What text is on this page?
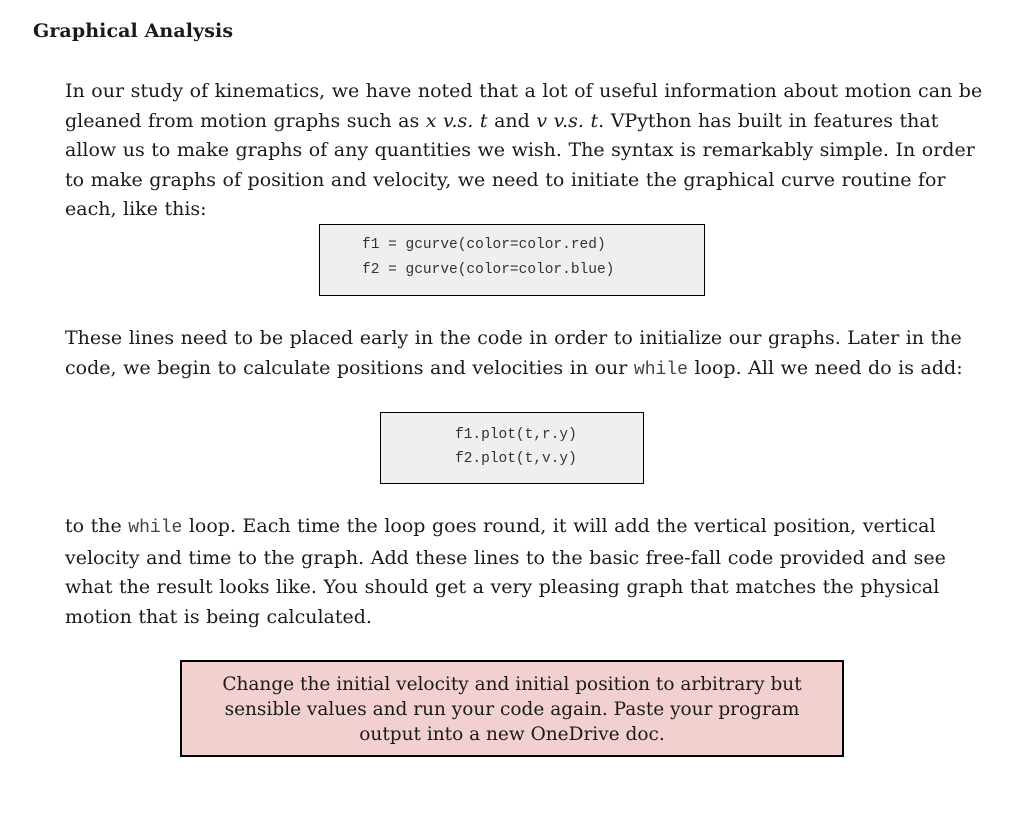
Graphical Analysis
In our study of kinematics, we have noted that a lot of useful information about motion can be gleaned from motion graphs such as x v.s. t and v v.s. t. VPython has built in features that allow us to make graphs of any quantities we wish. The syntax is remarkably simple. In order to make graphs of position and velocity, we need to initiate the graphical curve routine for each, like this:
f1 = gcurve(color=color.red)
f2 = gcurve(color=color.blue)
These lines need to be placed early in the code in order to initialize our graphs. Later in the code, we begin to calculate positions and velocities in our while loop. All we need do is add:
f1.plot(t,r.y)
f2.plot(t,v.y)
to the while loop. Each time the loop goes round, it will add the vertical position, vertical velocity and time to the graph. Add these lines to the basic free-fall code provided and see what the result looks like. You should get a very pleasing graph that matches the physical motion that is being calculated.
Change the initial velocity and initial position to arbitrary but
sensible values and run your code again. Paste your program
output into a new OneDrive doc.
